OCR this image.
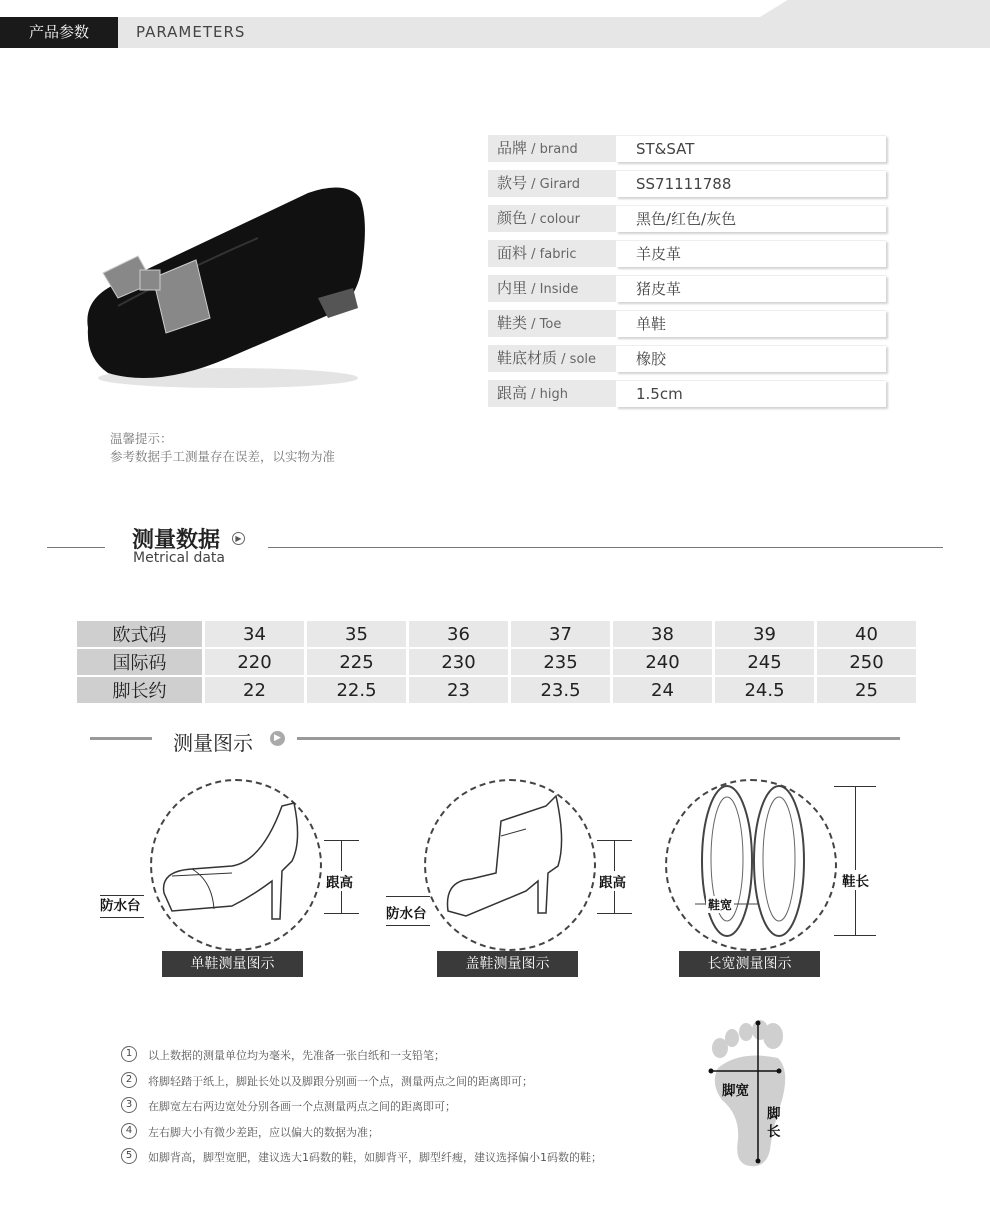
产品参数	PARAMETERS
品牌 / brand	ST&SAT
款号 / Girard	SS71111788
颜色 / colour	黑色/红色/灰色
面料 / fabric	羊皮革
内里 / Inside	猪皮革
鞋类 / Toe	单鞋
鞋底材质 / sole	橡胶
跟高 / high	1.5cm
温馨提示：
参考数据手工测量存在误差，以实物为准
测量数据	▶
Metrical data
欧式码	34	35	36	37	38	39	40
国际码	220	225	230	235	240	245	250
脚长约	22	22.5	23	23.5	24	24.5	25
测量图示	▶
防水台
跟高
单鞋测量图示
防水台
跟高
盖鞋测量图示
鞋宽
鞋长
长宽测量图示
1	以上数据的测量单位均为毫米，先准备一张白纸和一支铅笔；
2	将脚轻踏于纸上，脚趾长处以及脚跟分别画一个点，测量两点之间的距离即可；
3	在脚宽左右两边宽处分别各画一个点测量两点之间的距离即可；
4	左右脚大小有微少差距，应以偏大的数据为准；
5	如脚背高，脚型宽肥，建议选大1码数的鞋，如脚背平，脚型纤瘦，建议选择偏小1码数的鞋；
脚宽
脚
长
